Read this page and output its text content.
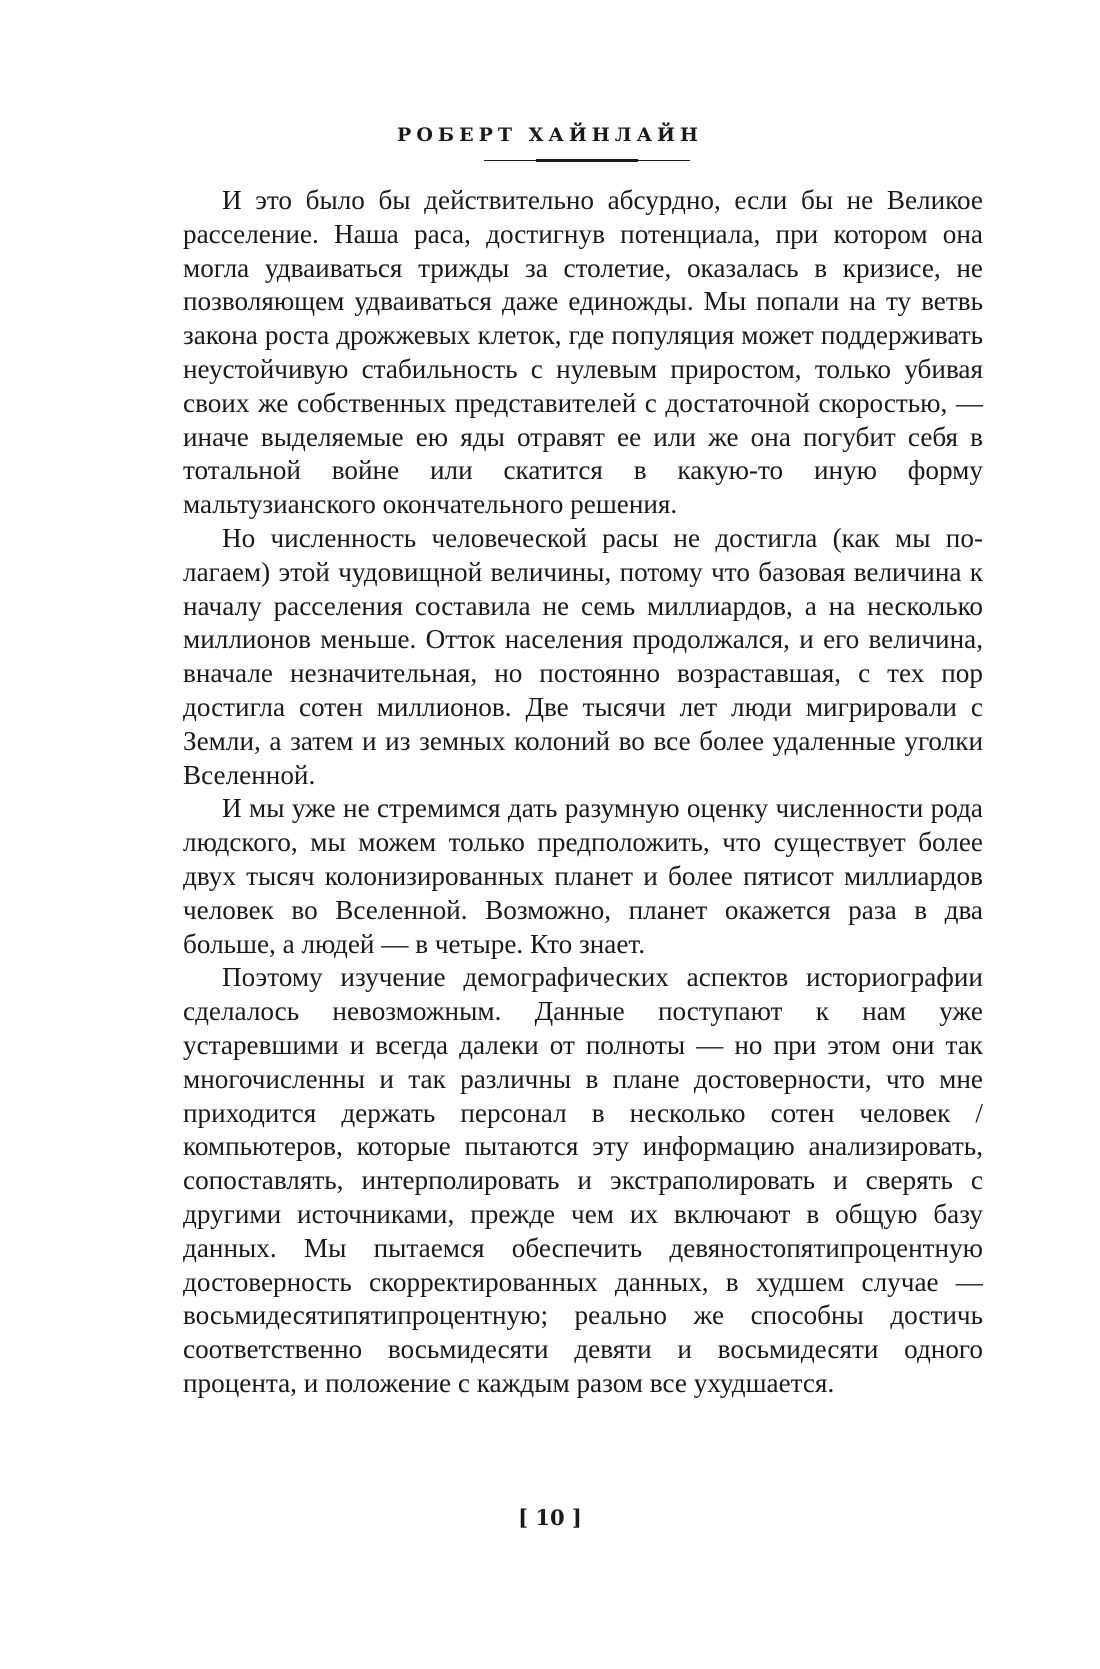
РОБЕРТ ХАЙНЛАЙН

И это было бы действительно абсурдно, если бы не Великое расселение. Наша раса, достигнув потенциала, при котором она могла удваиваться трижды за столетие, оказалась в кризисе, не позволяющем удваиваться даже единожды. Мы попали на ту ветвь закона роста дрожжевых клеток, где популяция может поддерживать неустойчивую стабильность с нулевым приростом, только убивая своих же собственных представителей с достаточной скоростью, — иначе выделяемые ею яды отравят ее или же она погубит себя в тотальной войне или скатится в какую-то иную форму мальтузианского окончательного решения.

Но численность человеческой расы не достигла (как мы полагаем) этой чудовищной величины, потому что базовая величина к началу расселения составила не семь миллиардов, а на несколько миллионов меньше. Отток населения продолжался, и его величина, вначале незначительная, но постоянно возраставшая, с тех пор достигла сотен миллионов. Две тысячи лет люди мигрировали с Земли, а затем и из земных колоний во все более удаленные уголки Вселенной.

И мы уже не стремимся дать разумную оценку численности рода людского, мы можем только предположить, что существует более двух тысяч колонизированных планет и более пятисот миллиардов человек во Вселенной. Возможно, планет окажется раза в два больше, а людей — в четыре. Кто знает.

Поэтому изучение демографических аспектов историографии сделалось невозможным. Данные поступают к нам уже устаревшими и всегда далеки от полноты — но при этом они так многочисленны и так различны в плане достоверности, что мне приходится держать персонал в несколько сотен человек / компьютеров, которые пытаются эту информацию анализировать, сопоставлять, интерполировать и экстраполировать и сверять с другими источниками, прежде чем их включают в общую базу данных. Мы пытаемся обеспечить девяностопятипроцентную достоверность скорректированных данных, в худшем случае — восьмидесятипятипроцентную; реально же способны достичь соответственно восьмидесяти девяти и восьмидесяти одного процента, и положение с каждым разом все ухудшается.

[ 10 ]
